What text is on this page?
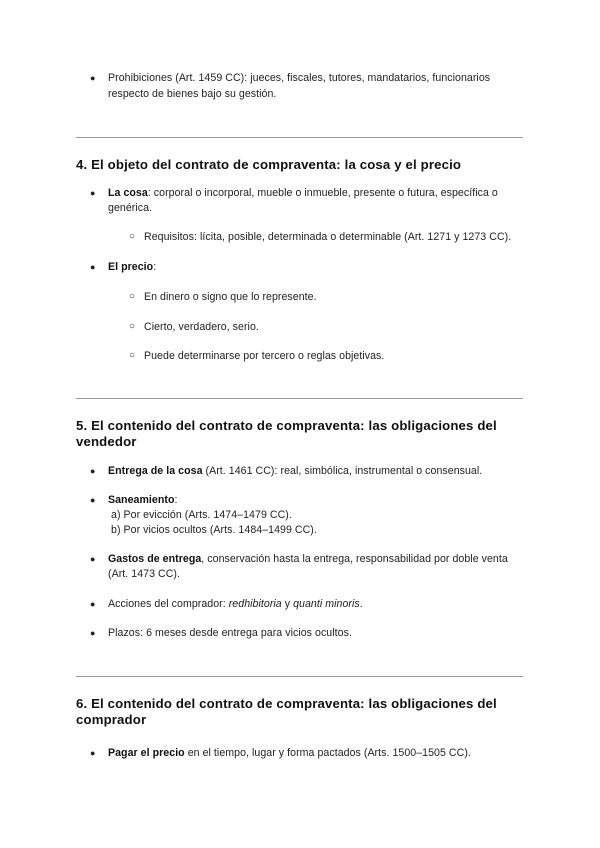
● Prohibiciones (Art. 1459 CC): jueces, fiscales, tutores, mandatarios, funcionarios
respecto de bienes bajo su gestión.
4. El objeto del contrato de compraventa: la cosa y el precio
● La cosa: corporal o incorporal, mueble o inmueble, presente o futura, específica o
genérica.
○ Requisitos: lícita, posible, determinada o determinable (Art. 1271 y 1273 CC).
● El precio:
○ En dinero o signo que lo represente.
○ Cierto, verdadero, serio.
○ Puede determinarse por tercero o reglas objetivas.
5. El contenido del contrato de compraventa: las obligaciones del
vendedor
● Entrega de la cosa (Art. 1461 CC): real, simbólica, instrumental o consensual.
● Saneamiento:
a) Por evicción (Arts. 1474–1479 CC).
b) Por vicios ocultos (Arts. 1484–1499 CC).
● Gastos de entrega, conservación hasta la entrega, responsabilidad por doble venta
(Art. 1473 CC).
● Acciones del comprador: redhibitoria y quanti minoris.
● Plazos: 6 meses desde entrega para vicios ocultos.
6. El contenido del contrato de compraventa: las obligaciones del
comprador
● Pagar el precio en el tiempo, lugar y forma pactados (Arts. 1500–1505 CC).
